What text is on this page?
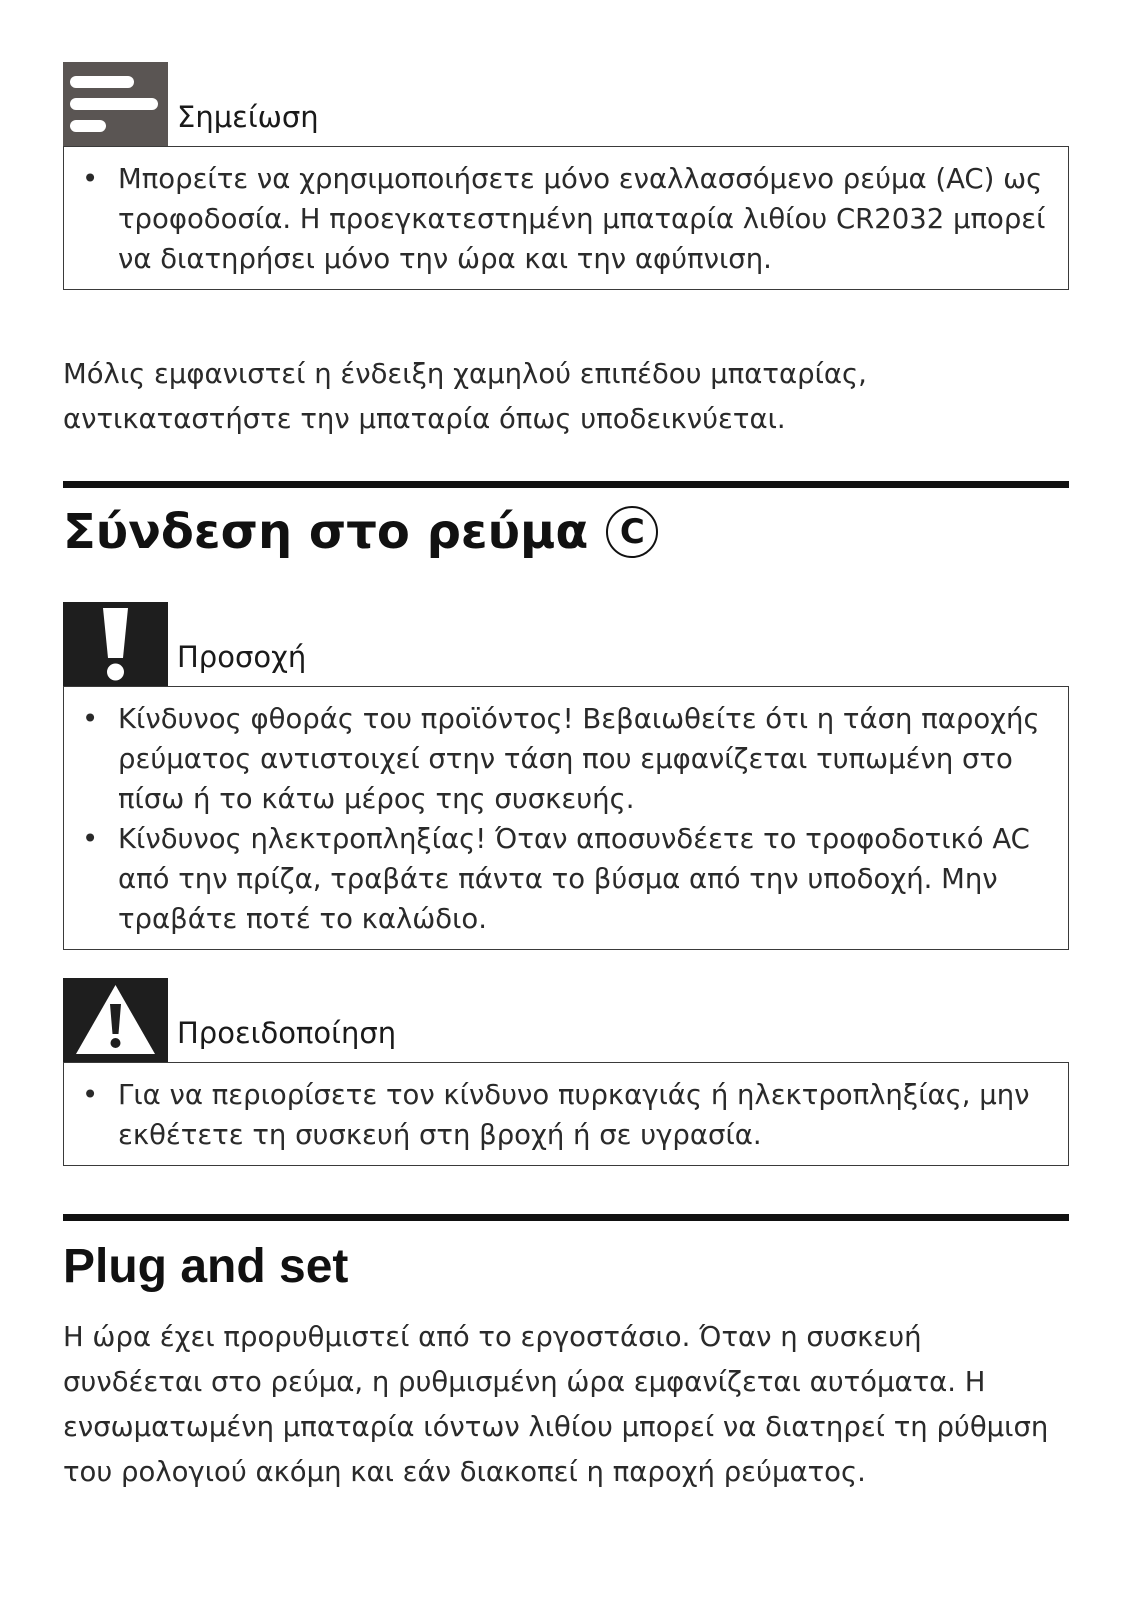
Σημείωση
• Μπορείτε να χρησιμοποιήσετε μόνο εναλλασσόμενο ρεύμα (AC) ως τροφοδοσία. Η προεγκατεστημένη μπαταρία λιθίου CR2032 μπορεί να διατηρήσει μόνο την ώρα και την αφύπνιση.

Μόλις εμφανιστεί η ένδειξη χαμηλού επιπέδου μπαταρίας, αντικαταστήστε την μπαταρία όπως υποδεικνύεται.

Σύνδεση στο ρεύμα C
Προσοχή
• Κίνδυνος φθοράς του προϊόντος! Βεβαιωθείτε ότι η τάση παροχής ρεύματος αντιστοιχεί στην τάση που εμφανίζεται τυπωμένη στο πίσω ή το κάτω μέρος της συσκευής.
• Κίνδυνος ηλεκτροπληξίας! Όταν αποσυνδέετε το τροφοδοτικό AC από την πρίζα, τραβάτε πάντα το βύσμα από την υποδοχή. Μην τραβάτε ποτέ το καλώδιο.
Προειδοποίηση
• Για να περιορίσετε τον κίνδυνο πυρκαγιάς ή ηλεκτροπληξίας, μην εκθέτετε τη συσκευή στη βροχή ή σε υγρασία.
Plug and set

Η ώρα έχει προρυθμιστεί από το εργοστάσιο. Όταν η συσκευή συνδέεται στο ρεύμα, η ρυθμισμένη ώρα εμφανίζεται αυτόματα. Η ενσωματωμένη μπαταρία ιόντων λιθίου μπορεί να διατηρεί τη ρύθμιση του ρολογιού ακόμη και εάν διακοπεί η παροχή ρεύματος.
